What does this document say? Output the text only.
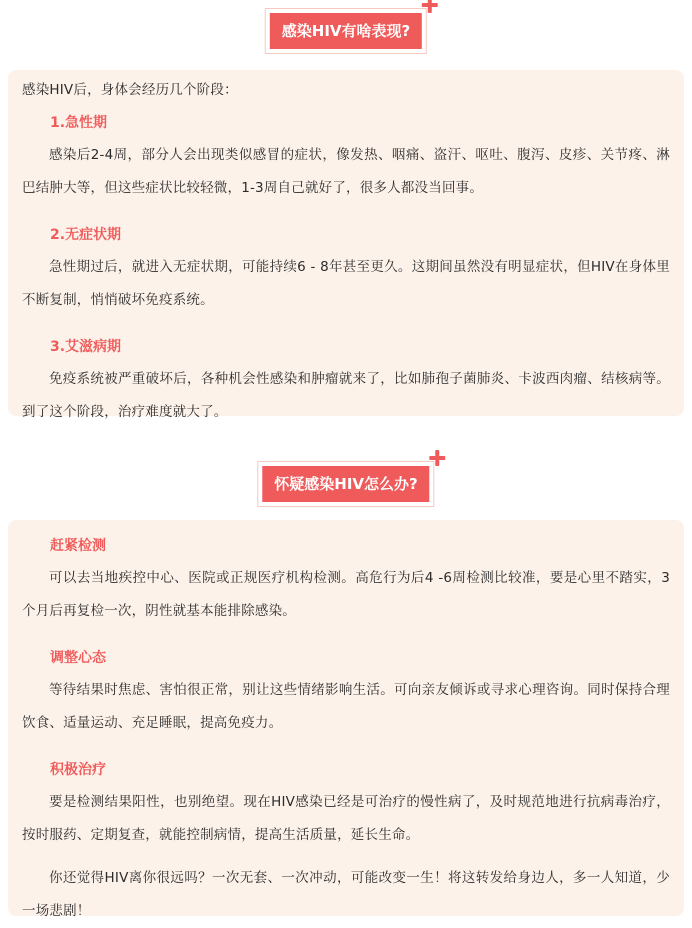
感染HIV有啥表现?

感染HIV后，身体会经历几个阶段：

1.急性期

感染后2-4周，部分人会出现类似感冒的症状，像发热、咽痛、盗汗、呕吐、腹泻、皮疹、关节疼、淋巴结肿大等，但这些症状比较轻微，1-3周自己就好了，很多人都没当回事。

2.无症状期

急性期过后，就进入无症状期，可能持续6 - 8年甚至更久。这期间虽然没有明显症状，但HIV在身体里不断复制，悄悄破坏免疫系统。

3.艾滋病期

免疫系统被严重破坏后，各种机会性感染和肿瘤就来了，比如肺孢子菌肺炎、卡波西肉瘤、结核病等。到了这个阶段，治疗难度就大了。

怀疑感染HIV怎么办?
赶紧检测

可以去当地疾控中心、医院或正规医疗机构检测。高危行为后4 -6周检测比较准，要是心里不踏实，3个月后再复检一次，阴性就基本能排除感染。

调整心态

等待结果时焦虑、害怕很正常，别让这些情绪影响生活。可向亲友倾诉或寻求心理咨询。同时保持合理饮食、适量运动、充足睡眠，提高免疫力。

积极治疗

要是检测结果阳性，也别绝望。现在HIV感染已经是可治疗的慢性病了，及时规范地进行抗病毒治疗，按时服药、定期复查，就能控制病情，提高生活质量，延长生命。

你还觉得HIV离你很远吗？一次无套、一次冲动，可能改变一生！将这转发给身边人，多一人知道，少一场悲剧！
